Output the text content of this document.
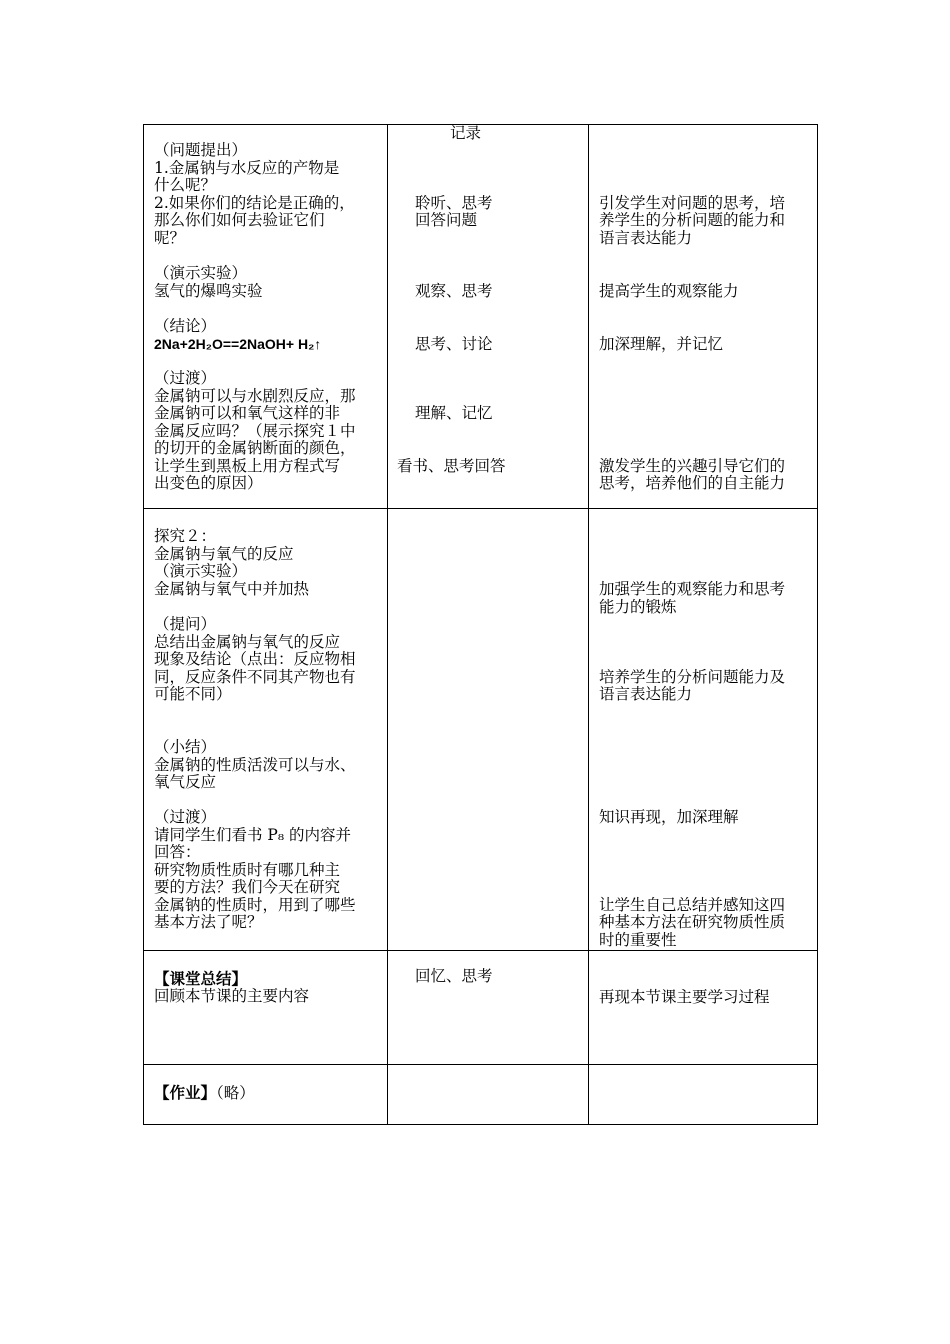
记录
（问题提出）
1.金属钠与水反应的产物是
什么呢？
2.如果你们的结论是正确的，
那么你们如何去验证它们
呢？
（演示实验）
氢气的爆鸣实验
（结论）
2Na+2H₂O==2NaOH+ H₂↑
（过渡）
金属钠可以与水剧烈反应，那
金属钠可以和氧气这样的非
金属反应吗？（展示探究１中
的切开的金属钠断面的颜色，
让学生到黑板上用方程式写
出变色的原因）
聆听、思考
回答问题
观察、思考
思考、讨论
理解、记忆
看书、思考回答
引发学生对问题的思考，培
养学生的分析问题的能力和
语言表达能力
提高学生的观察能力
加深理解，并记忆
激发学生的兴趣引导它们的
思考，培养他们的自主能力
探究２：
金属钠与氧气的反应
（演示实验）
金属钠与氧气中并加热
（提问）
总结出金属钠与氧气的反应
现象及结论（点出：反应物相
同，反应条件不同其产物也有
可能不同）
（小结）
金属钠的性质活泼可以与水、
氧气反应
（过渡）
请同学生们看书 P₈ 的内容并
回答：
研究物质性质时有哪几种主
要的方法？我们今天在研究
金属钠的性质时，用到了哪些
基本方法了呢？
加强学生的观察能力和思考
能力的锻炼
培养学生的分析问题能力及
语言表达能力
知识再现，加深理解
让学生自己总结并感知这四
种基本方法在研究物质性质
时的重要性
【课堂总结】
回顾本节课的主要内容
回忆、思考
再现本节课主要学习过程
【作业】（略）
